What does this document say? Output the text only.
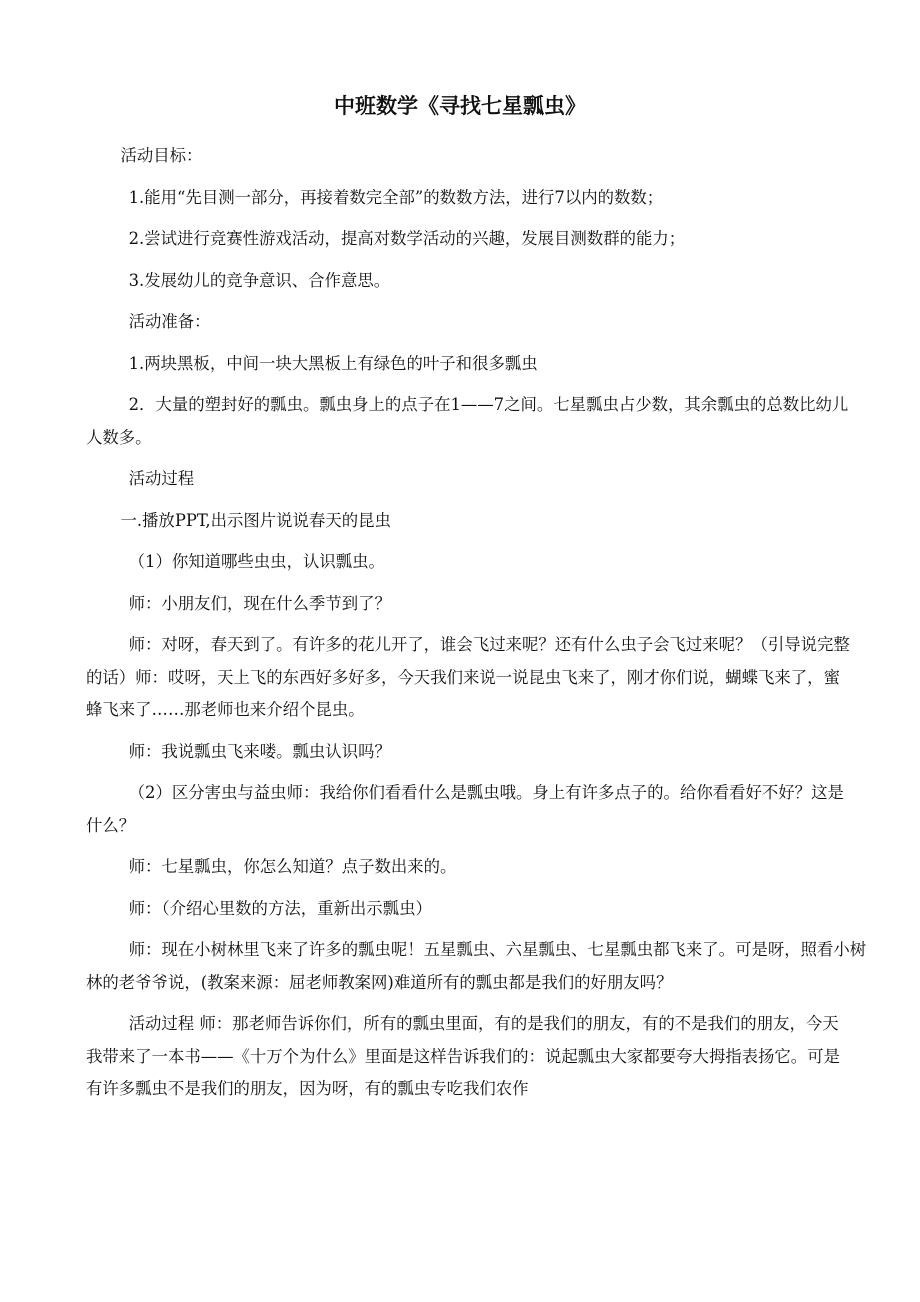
中班数学《寻找七星瓢虫》

活动目标：

1.能用“先目测一部分，再接着数完全部”的数数方法，进行7以内的数数；

2.尝试进行竞赛性游戏活动，提高对数学活动的兴趣，发展目测数群的能力；

3.发展幼儿的竞争意识、合作意思。

活动准备：

1.两块黑板，中间一块大黑板上有绿色的叶子和很多瓢虫

2．大量的塑封好的瓢虫。瓢虫身上的点子在1——7之间。七星瓢虫占少数，其余瓢虫的总数比幼儿人数多。

活动过程

一.播放PPT,出示图片说说春天的昆虫

（1）你知道哪些虫虫，认识瓢虫。

师：小朋友们，现在什么季节到了？

师：对呀，春天到了。有许多的花儿开了，谁会飞过来呢？还有什么虫子会飞过来呢？（引导说完整的话）师：哎呀，天上飞的东西好多好多，今天我们来说一说昆虫飞来了，刚才你们说，蝴蝶飞来了，蜜蜂飞来了……那老师也来介绍个昆虫。

师：我说瓢虫飞来喽。瓢虫认识吗？

（2）区分害虫与益虫师：我给你们看看什么是瓢虫哦。身上有许多点子的。给你看看好不好？这是什么？

师：七星瓢虫，你怎么知道？点子数出来的。

师：（介绍心里数的方法，重新出示瓢虫）

师：现在小树林里飞来了许多的瓢虫呢！五星瓢虫、六星瓢虫、七星瓢虫都飞来了。可是呀，照看小树林的老爷爷说，(教案来源：屈老师教案网)难道所有的瓢虫都是我们的好朋友吗？

活动过程 师：那老师告诉你们，所有的瓢虫里面，有的是我们的朋友，有的不是我们的朋友，今天我带来了一本书——《十万个为什么》里面是这样告诉我们的：说起瓢虫大家都要夸大拇指表扬它。可是有许多瓢虫不是我们的朋友，因为呀，有的瓢虫专吃我们农作
